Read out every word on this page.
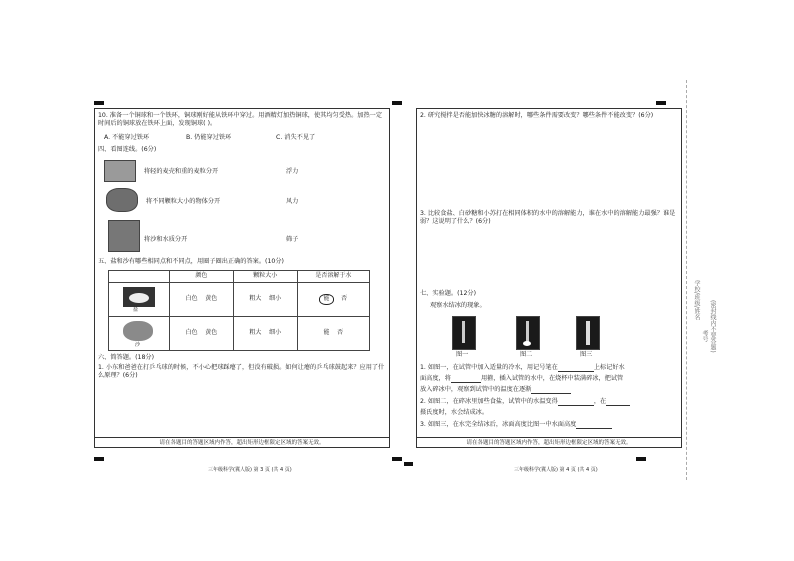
10. 准备一个铜球和一个铁环，铜球刚好能从铁环中穿过。用酒精灯加热铜球，使其均匀受热。加热一定时间后的铜球放在铁环上面，发现铜球( )。
A. 不能穿过铁环	B. 仍能穿过铁环	C. 消失不见了
四、看图连线。(6分)
将轻的麦壳和重的麦粒分开	浮力
将不同颗粒大小的物体分开	风力
将沙和水质分开	筛子
五、盐和沙有哪些相同点和不同点，用圈子圈出正确的答案。(10分)
	颜色	颗粒大小	是否溶解于水

盐	白色 黄色	粗大 细小	能 否

沙	白色 黄色	粗大 细小	能 否
六、简答题。(18分)
1. 小东和爸爸在打乒乓球的时候，不小心把球踩瘪了，但没有破损。如何让瘪的乒乓球鼓起来？应用了什么原理？(6分)
请在各题目的答题区域内作答，超出矩形边框限定区域的答案无效。
三年级科学(冀人版) 第 3 页 (共 4 页)
2. 研究搅拌是否能加快冰糖的溶解时，哪些条件需要改变？哪些条件不能改变？(6分)
3. 比较食盐、白砂糖和小苏打在相同体积的水中的溶解能力，谁在水中的溶解能力最强？谁是弱？这说明了什么？(6分)
七、实验题。(12分)
观察水结冰的现象。
图一	图二	图三
1. 如图一，在试管中加入适量的冷水，用记号笔在	上标记好水
面高度，将	用箍，插入试管的水中，在烧杯中装满碎冰，把试管
放入碎冰中，观察到试管中的温度在逐渐
2. 如图二，在碎冰里加些食盐，试管中的水温变得	，在
摄氏度时，水会结成冰。
3. 如图三，在水完全结冰后，冰面高度比图一中水面高度
请在各题目的答题区域内作答，超出矩形边框限定区域的答案无效。
三年级科学(冀人版) 第 4 页 (共 4 页)
学校/班级/姓名
考号 (密封线内不要答题)
